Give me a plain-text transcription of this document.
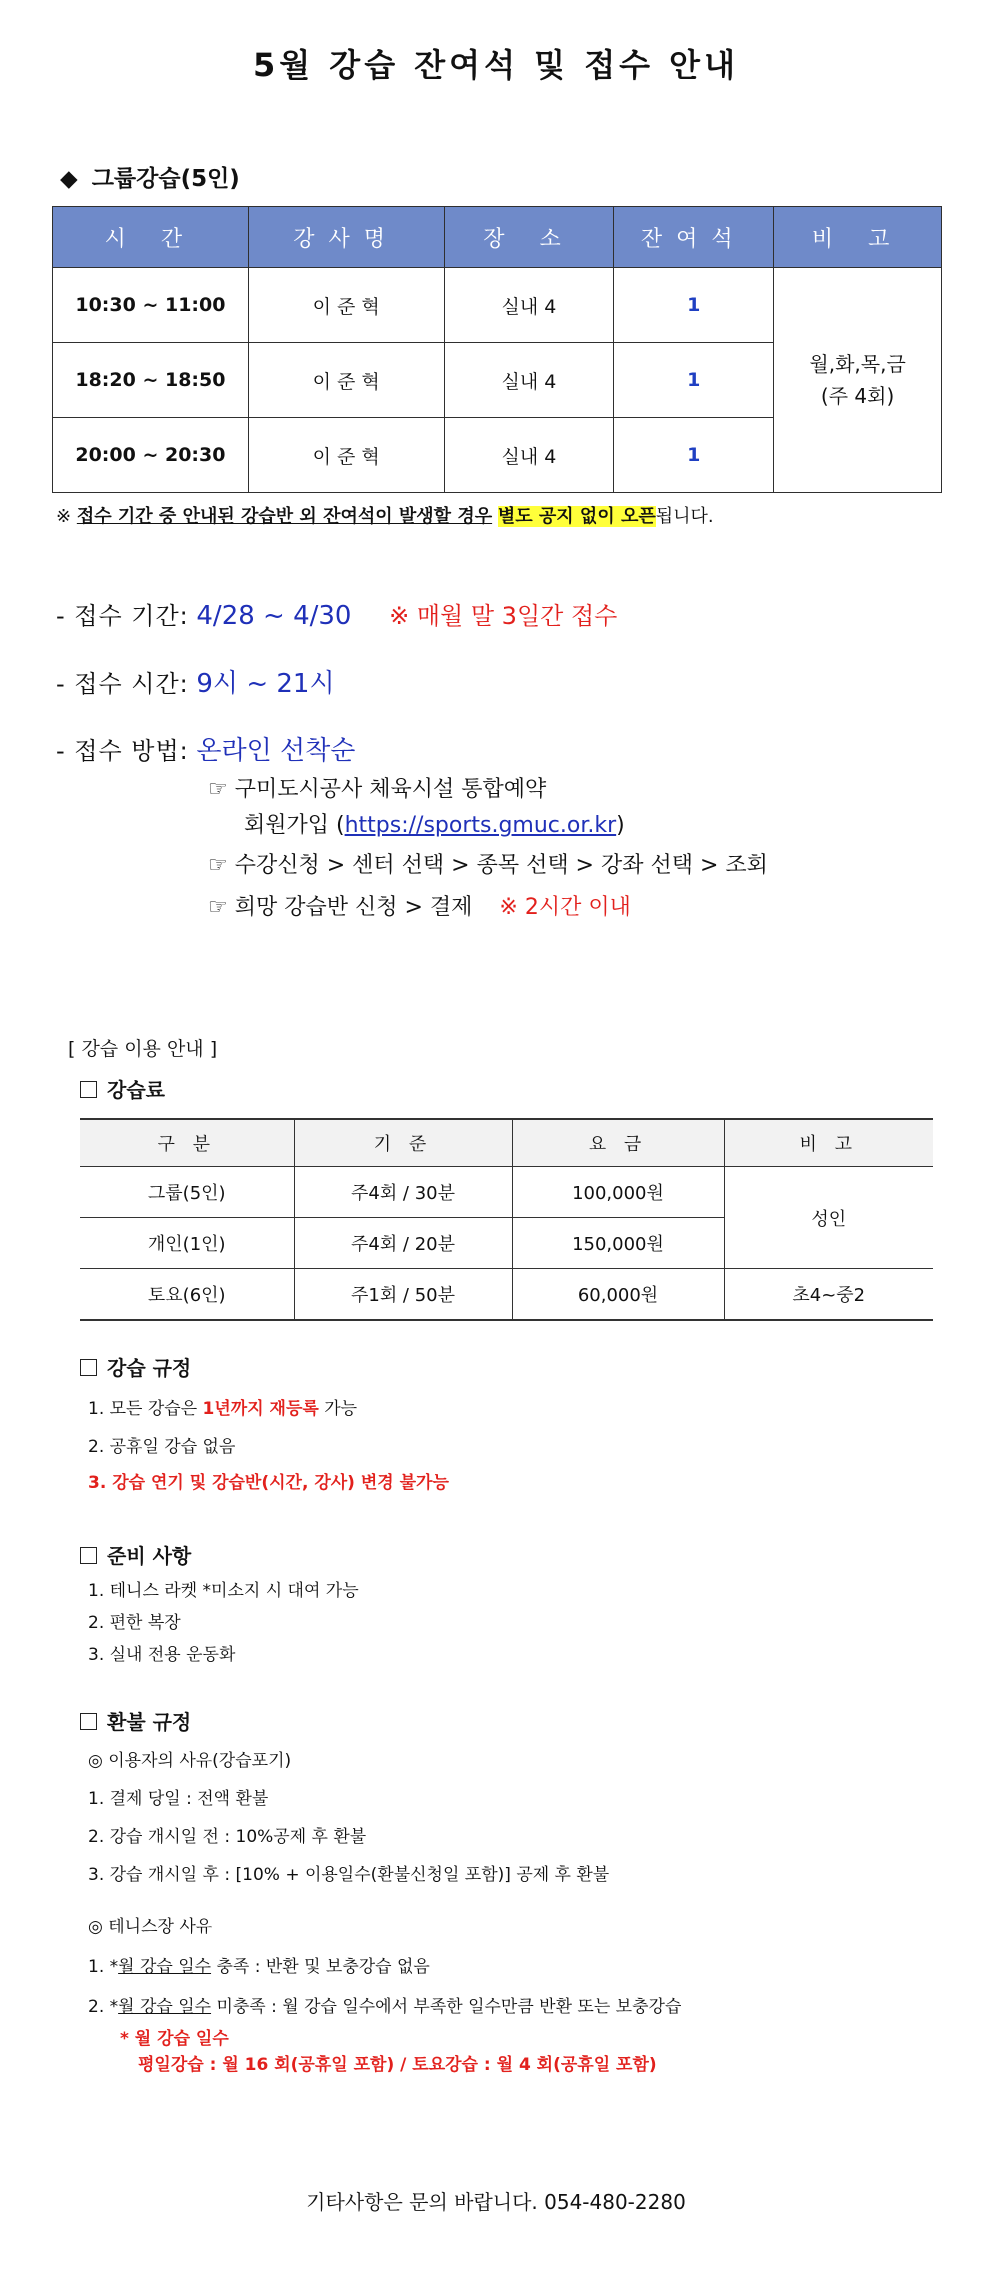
5월 강습 잔여석 및 접수 안내
◆ 그룹강습(5인)
시 간	강사명	장 소	잔여석	비 고
10:30 ~ 11:00	이 준 혁	실내 4	1	월,화,목,금
(주 4회)

18:20 ~ 18:50	이 준 혁	실내 4	1	
20:00 ~ 20:30	이 준 혁	실내 4	1	
※ 접수 기간 중 안내된 강습반 외 잔여석이 발생할 경우 별도 공지 없이 오픈됩니다.
- 접수 기간: 4/28 ~ 4/30 ※ 매월 말 3일간 접수
- 접수 시간: 9시 ~ 21시
- 접수 방법: 온라인 선착순
☞ 구미도시공사 체육시설 통합예약
회원가입 (https://sports.gmuc.or.kr)
☞ 수강신청 > 센터 선택 > 종목 선택 > 강좌 선택 > 조회
☞ 희망 강습반 신청 > 결제 ※ 2시간 이내
[ 강습 이용 안내 ]
강습료
구 분	기 준	요 금	비 고
그룹(5인)	주4회 / 30분	100,000원	성인
개인(1인)	주4회 / 20분	150,000원	
토요(6인)	주1회 / 50분	60,000원	초4~중2
강습 규정
1. 모든 강습은 1년까지 재등록 가능
2. 공휴일 강습 없음
3. 강습 연기 및 강습반(시간, 강사) 변경 불가능
준비 사항
1. 테니스 라켓 *미소지 시 대여 가능
2. 편한 복장
3. 실내 전용 운동화
환불 규정
◎ 이용자의 사유(강습포기)
1. 결제 당일 : 전액 환불
2. 강습 개시일 전 : 10%공제 후 환불
3. 강습 개시일 후 : [10% + 이용일수(환불신청일 포함)] 공제 후 환불
◎ 테니스장 사유
1. *월 강습 일수 충족 : 반환 및 보충강습 없음
2. *월 강습 일수 미충족 : 월 강습 일수에서 부족한 일수만큼 반환 또는 보충강습
* 월 강습 일수
평일강습 : 월 16 회(공휴일 포함) / 토요강습 : 월 4 회(공휴일 포함)
기타사항은 문의 바랍니다. 054-480-2280
